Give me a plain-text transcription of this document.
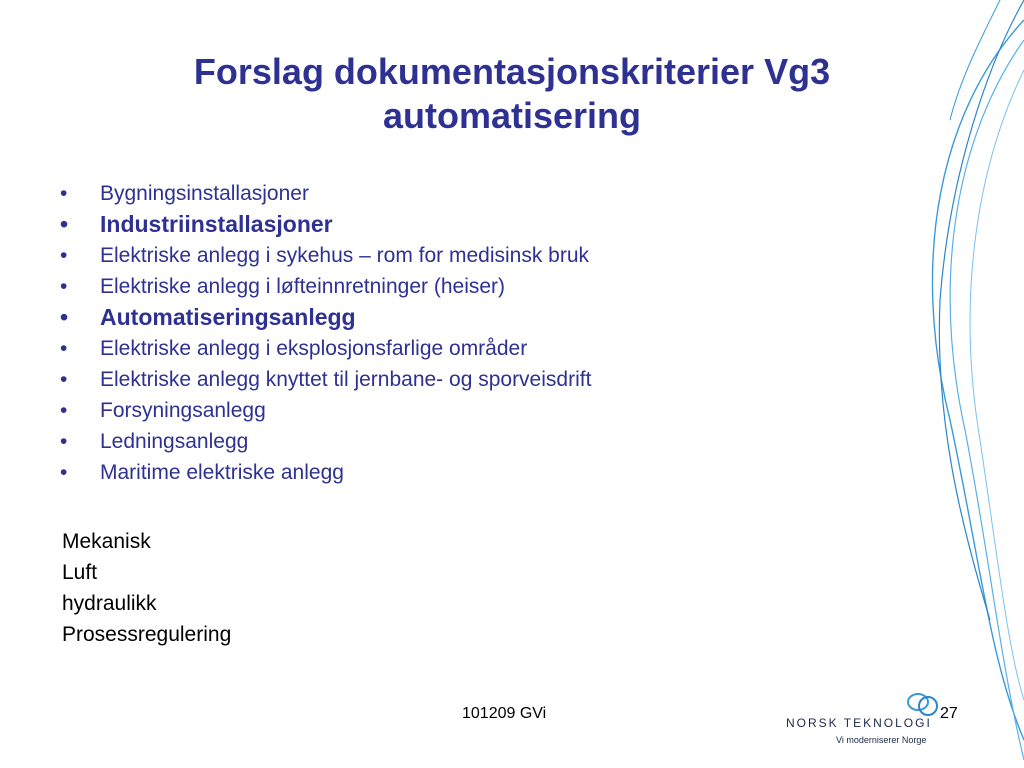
Forslag dokumentasjonskriterier Vg3
automatisering
• Bygningsinstallasjoner
• Industriinstallasjoner
• Elektriske anlegg i sykehus – rom for medisinsk bruk
• Elektriske anlegg i løfteinnretninger (heiser)
• Automatiseringsanlegg
• Elektriske anlegg i eksplosjonsfarlige områder
• Elektriske anlegg knyttet til jernbane- og sporveisdrift
• Forsyningsanlegg
• Ledningsanlegg
• Maritime elektriske anlegg
Mekanisk
Luft
hydraulikk
Prosessregulering
101209 GVi
NORSK TEKNOLOGI
Vi moderniserer Norge
27
